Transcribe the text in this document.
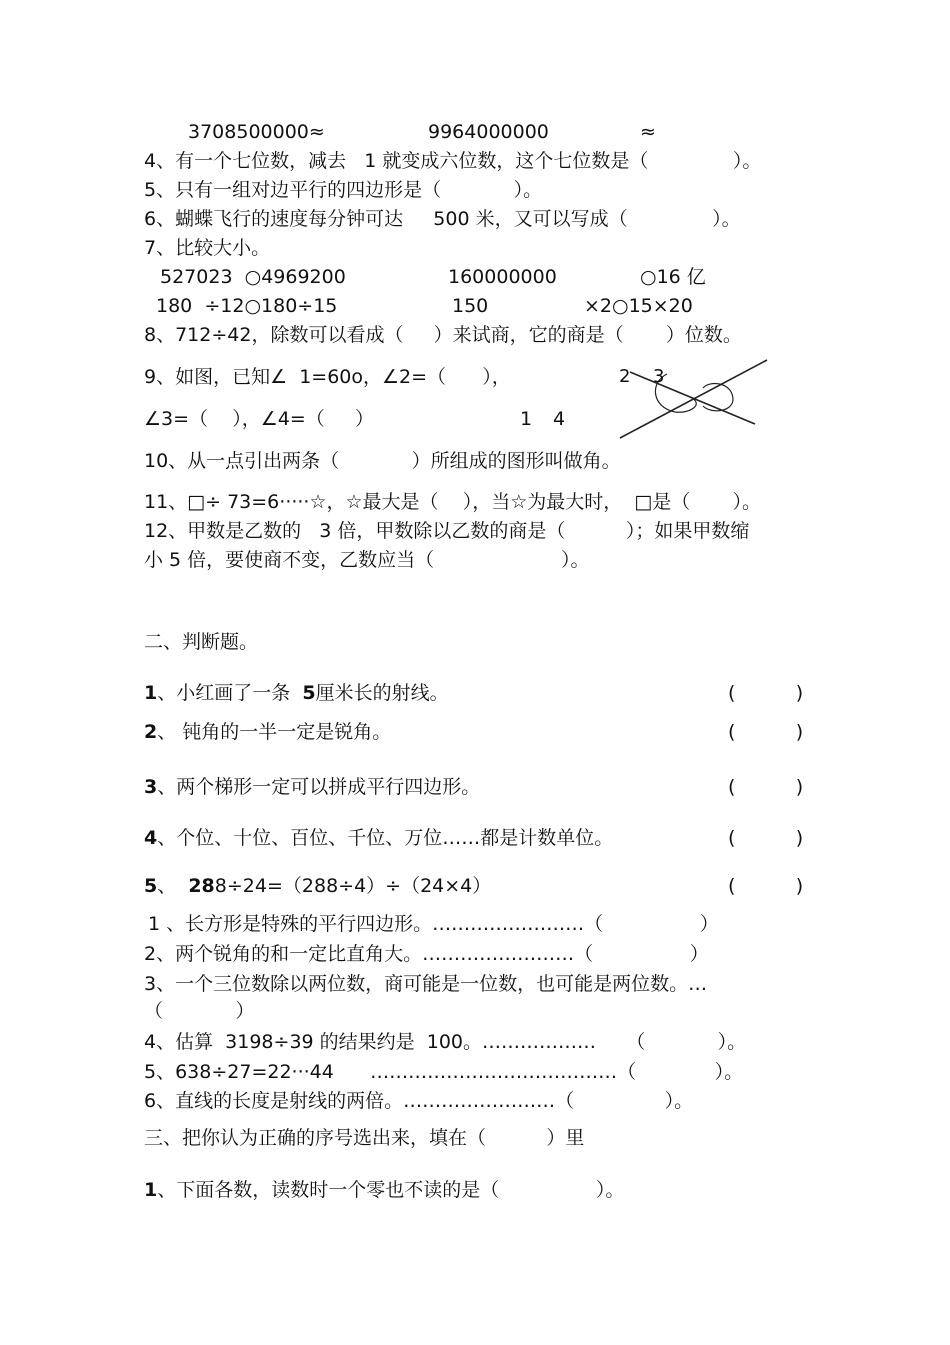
3708500000≈	9964000000	≈
4、有一个七位数，减去   1 就变成六位数，这个七位数是（              ）。
5、只有一组对边平行的四边形是（            ）。
6、蝴蝶飞行的速度每分钟可达     500 米，又可以写成（              ）。
7、比较大小。
527023  ○4969200	160000000	○16 亿
180  ÷12○180÷15	150	×2○15×20
8、712÷42，除数可以看成（     ）来试商，它的商是（       ）位数。
9、如图，已知∠  1=60o，∠2=（      ），
∠3=（    ），∠4=（     ）
2 3
1 4
10、从一点引出两条（            ）所组成的图形叫做角。
11、□÷ 73=6·····☆，☆最大是（    ），当☆为最大时，  □是（       ）。
12、甲数是乙数的   3 倍，甲数除以乙数的商是（          ）；如果甲数缩
小 5 倍，要使商不变，乙数应当（                     ）。
二、判断题。
1、小红画了一条  5厘米长的射线。	(          )
2、 钝角的一半一定是锐角。	(          )
3、两个梯形一定可以拼成平行四边形。	(          )
4、个位、十位、百位、千位、万位……都是计数单位。	(          )
5、  288÷24=（288÷4）÷（24×4）	(          )
1 、长方形是特殊的平行四边形。……………………（                ）
2、两个锐角的和一定比直角大。……………………（                ）
3、一个三位数除以两位数，商可能是一位数，也可能是两位数。…
（            ）
4、估算  3198÷39 的结果约是  100。………………     （            ）。
5、638÷27=22···44      …………………………………（             ）。
6、直线的长度是射线的两倍。……………………（               ）。
三、把你认为正确的序号选出来，填在（          ）里
1、下面各数，读数时一个零也不读的是（                ）。
